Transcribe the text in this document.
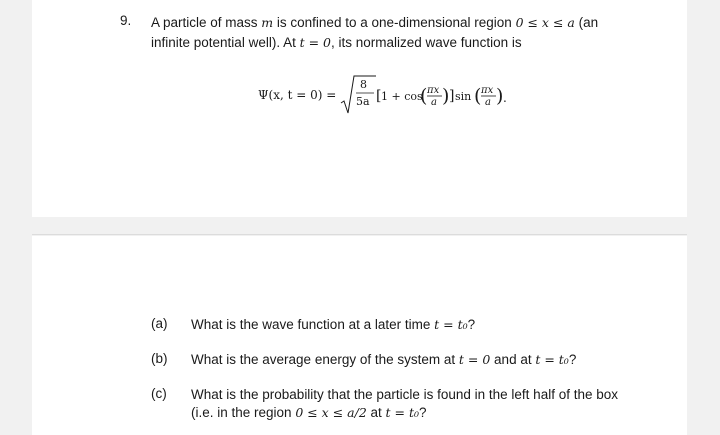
9. A particle of mass m is confined to a one-dimensional region 0 ≤ x ≤ a (an
infinite potential well). At t = 0, its normalized wave function is
Ψ(x, t = 0) =
8
5a [ 1 + cos
( πx
a ) ] sin ( πx
a ) .
(a) What is the wave function at a later time t = t₀?
(b) What is the average energy of the system at t = 0 and at t = t₀?
(c) What is the probability that the particle is found in the left half of the box
(i.e. in the region 0 ≤ x ≤ a/2 at t = t₀?
